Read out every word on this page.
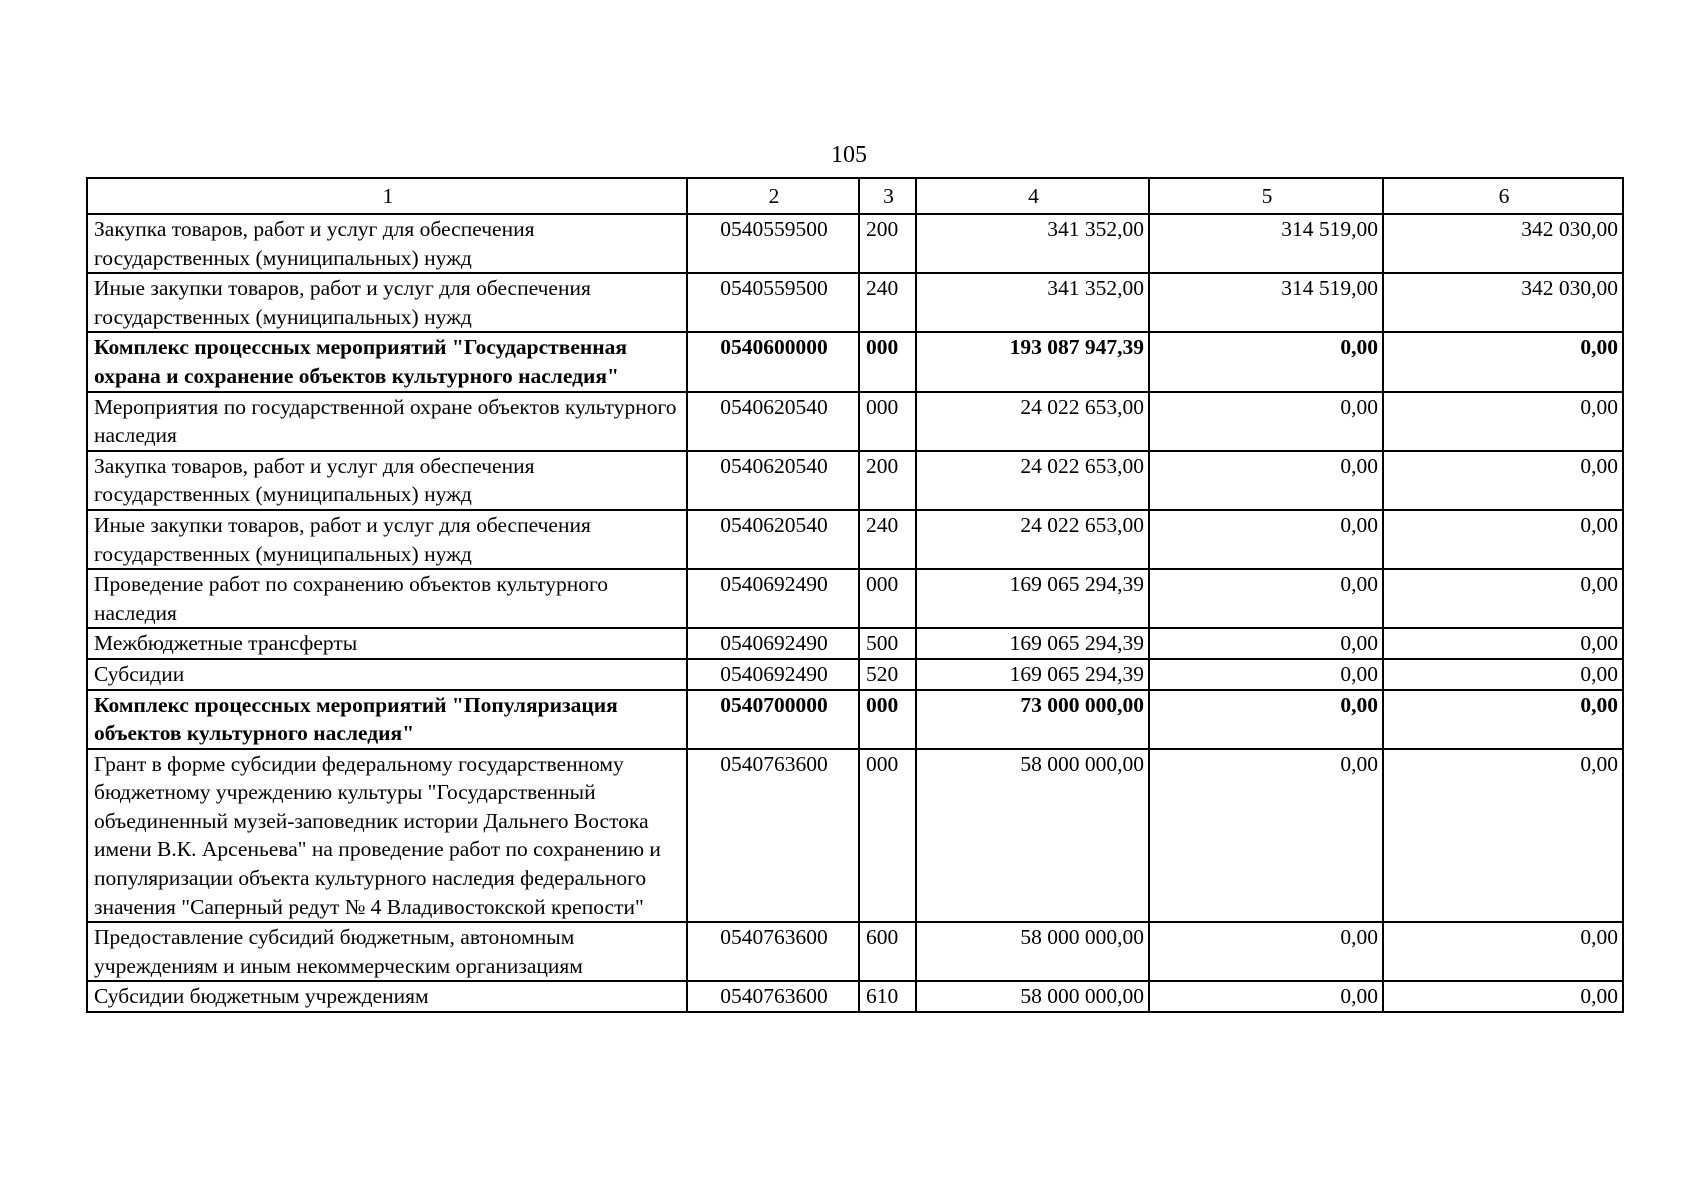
105
1	2	3	4	5	6
Закупка товаров, работ и услуг для обеспечения государственных (муниципальных) нужд	0540559500	200	341 352,00	314 519,00	342 030,00
Иные закупки товаров, работ и услуг для обеспечения государственных (муниципальных) нужд	0540559500	240	341 352,00	314 519,00	342 030,00
Комплекс процессных мероприятий "Государственная охрана и сохранение объектов культурного наследия"	0540600000	000	193 087 947,39	0,00	0,00
Мероприятия по государственной охране объектов культурного наследия	0540620540	000	24 022 653,00	0,00	0,00
Закупка товаров, работ и услуг для обеспечения государственных (муниципальных) нужд	0540620540	200	24 022 653,00	0,00	0,00
Иные закупки товаров, работ и услуг для обеспечения государственных (муниципальных) нужд	0540620540	240	24 022 653,00	0,00	0,00
Проведение работ по сохранению объектов культурного наследия	0540692490	000	169 065 294,39	0,00	0,00
Межбюджетные трансферты	0540692490	500	169 065 294,39	0,00	0,00
Субсидии	0540692490	520	169 065 294,39	0,00	0,00
Комплекс процессных мероприятий "Популяризация объектов культурного наследия"	0540700000	000	73 000 000,00	0,00	0,00
Грант в форме субсидии федеральному государственному бюджетному учреждению культуры "Государственный объединенный музей-заповедник истории Дальнего Востока имени В.К. Арсеньева" на проведение работ по сохранению и популяризации объекта культурного наследия федерального значения "Саперный редут № 4 Владивостокской крепости"	0540763600	000	58 000 000,00	0,00	0,00
Предоставление субсидий бюджетным, автономным учреждениям и иным некоммерческим организациям	0540763600	600	58 000 000,00	0,00	0,00
Субсидии бюджетным учреждениям	0540763600	610	58 000 000,00	0,00	0,00
